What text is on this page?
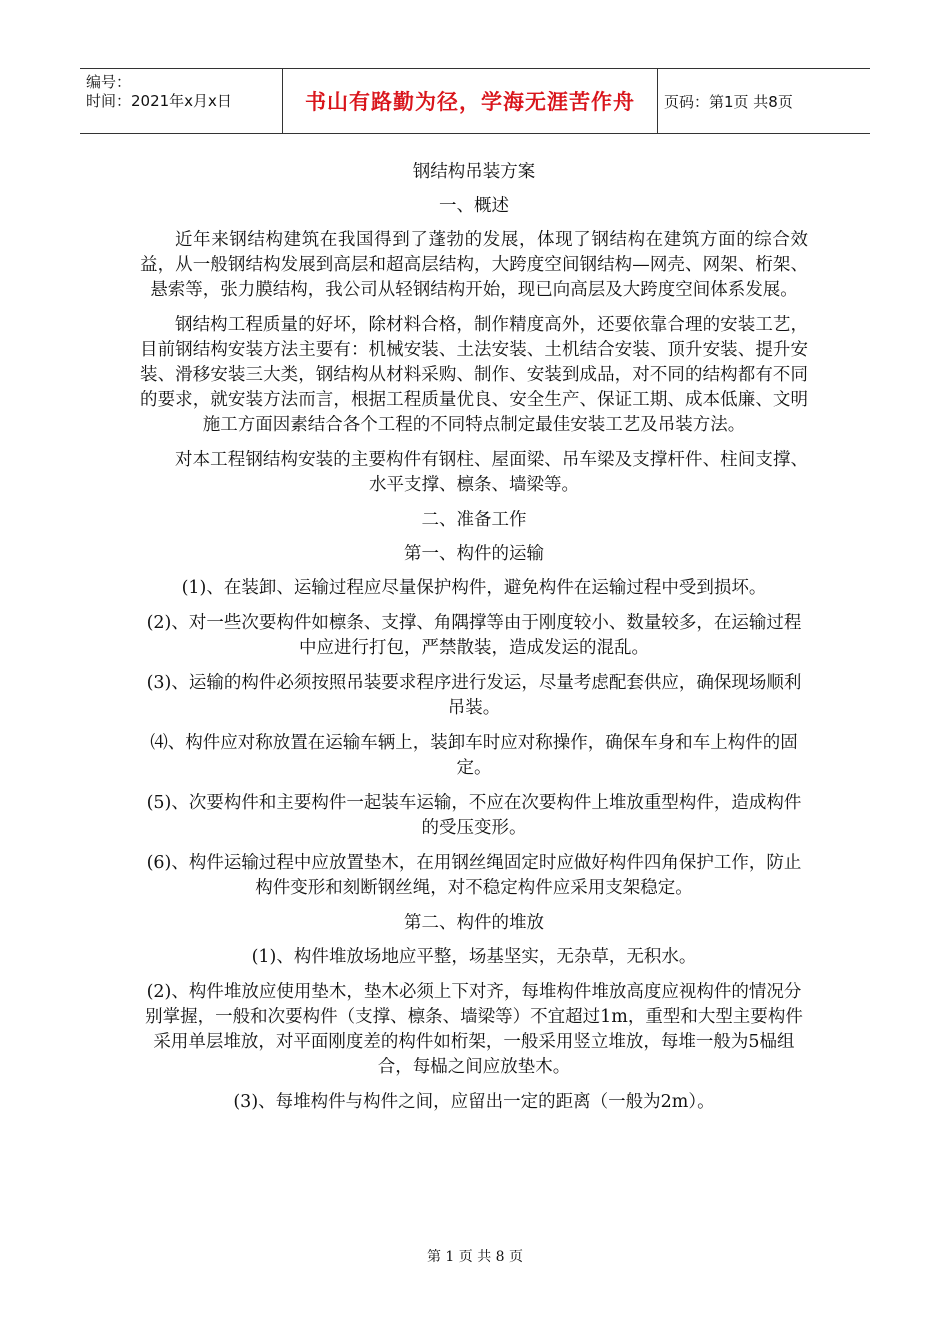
编号：
时间：2021年x月x日	书山有路勤为径，学海无涯苦作舟	页码：第1页 共8页

钢结构吊装方案

一、概述

近年来钢结构建筑在我国得到了蓬勃的发展，体现了钢结构在建筑方面的综合效益，从一般钢结构发展到高层和超高层结构，大跨度空间钢结构—网壳、网架、桁架、悬索等，张力膜结构，我公司从轻钢结构开始，现已向高层及大跨度空间体系发展。

钢结构工程质量的好坏，除材料合格，制作精度高外，还要依靠合理的安装工艺，目前钢结构安装方法主要有：机械安装、土法安装、土机结合安装、顶升安装、提升安装、滑移安装三大类，钢结构从材料采购、制作、安装到成品，对不同的结构都有不同的要求，就安装方法而言，根据工程质量优良、安全生产、保证工期、成本低廉、文明施工方面因素结合各个工程的不同特点制定最佳安装工艺及吊装方法。

对本工程钢结构安装的主要构件有钢柱、屋面梁、吊车梁及支撑杆件、柱间支撑、水平支撑、檩条、墙梁等。

二、准备工作

第一、构件的运输

(1)、在装卸、运输过程应尽量保护构件，避免构件在运输过程中受到损坏。

(2)、对一些次要构件如檩条、支撑、角隅撑等由于刚度较小、数量较多，在运输过程中应进行打包，严禁散装，造成发运的混乱。

(3)、运输的构件必须按照吊装要求程序进行发运，尽量考虑配套供应，确保现场顺利吊装。

⑷、构件应对称放置在运输车辆上，装卸车时应对称操作，确保车身和车上构件的固定。

(5)、次要构件和主要构件一起装车运输，不应在次要构件上堆放重型构件，造成构件的受压变形。

(6)、构件运输过程中应放置垫木，在用钢丝绳固定时应做好构件四角保护工作，防止构件变形和刻断钢丝绳，对不稳定构件应采用支架稳定。

第二、构件的堆放

(1)、构件堆放场地应平整，场基坚实，无杂草，无积水。

(2)、构件堆放应使用垫木，垫木必须上下对齐，每堆构件堆放高度应视构件的情况分别掌握，一般和次要构件（支撑、檩条、墙梁等）不宜超过1m，重型和大型主要构件采用单层堆放，对平面刚度差的构件如桁架，一般采用竖立堆放，每堆一般为5榀组合，每榀之间应放垫木。

(3)、每堆构件与构件之间，应留出一定的距离（一般为2m）。

第 1 页 共 8 页
